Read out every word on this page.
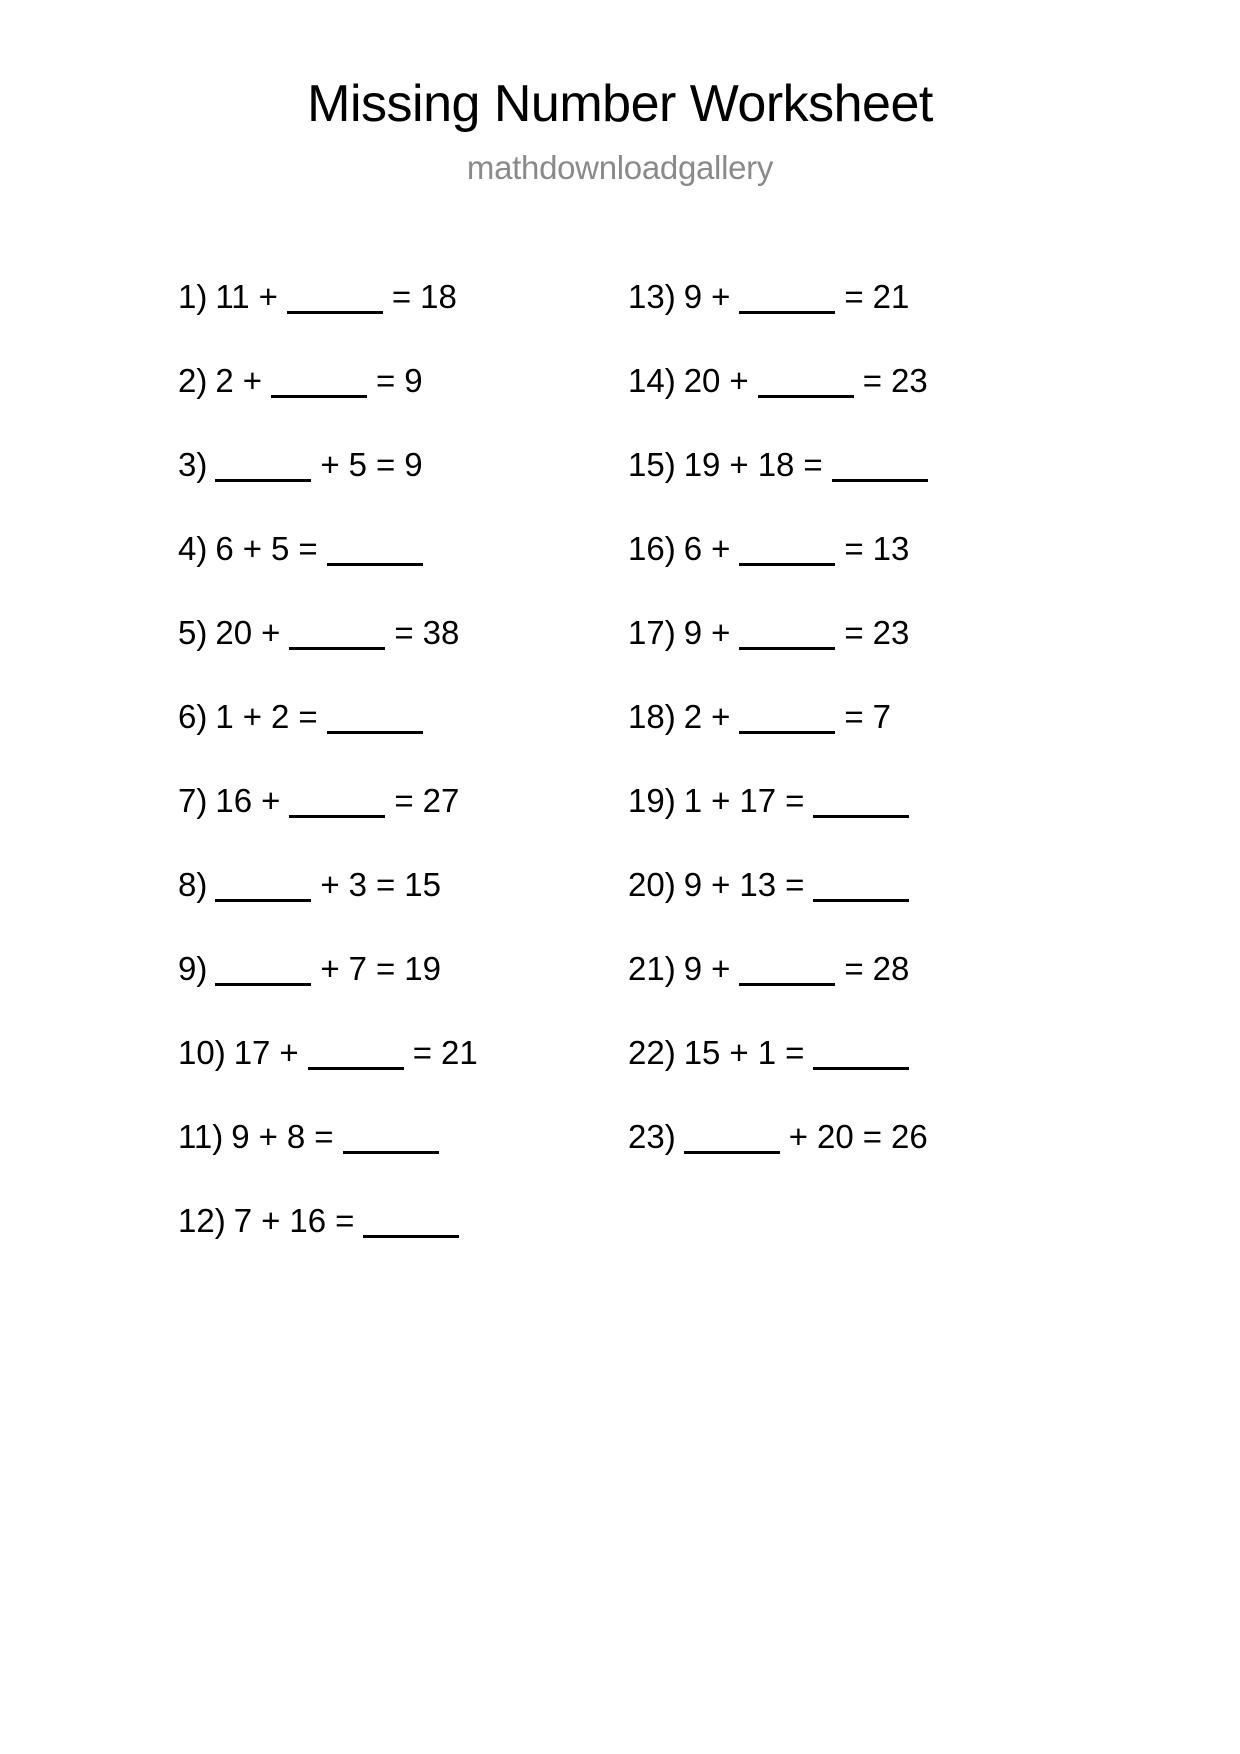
Missing Number Worksheet
mathdownloadgallery
1) 11 +	= 18
2) 2 +	= 9
3)	+ 5 = 9
4) 6 + 5 =
5) 20 +	= 38
6) 1 + 2 =
7) 16 +	= 27
8)	+ 3 = 15
9)	+ 7 = 19
10) 17 +	= 21
11) 9 + 8 =
12) 7 + 16 =
13) 9 +	= 21
14) 20 +	= 23
15) 19 + 18 =
16) 6 +	= 13
17) 9 +	= 23
18) 2 +	= 7
19) 1 + 17 =
20) 9 + 13 =
21) 9 +	= 28
22) 15 + 1 =
23)	+ 20 = 26
